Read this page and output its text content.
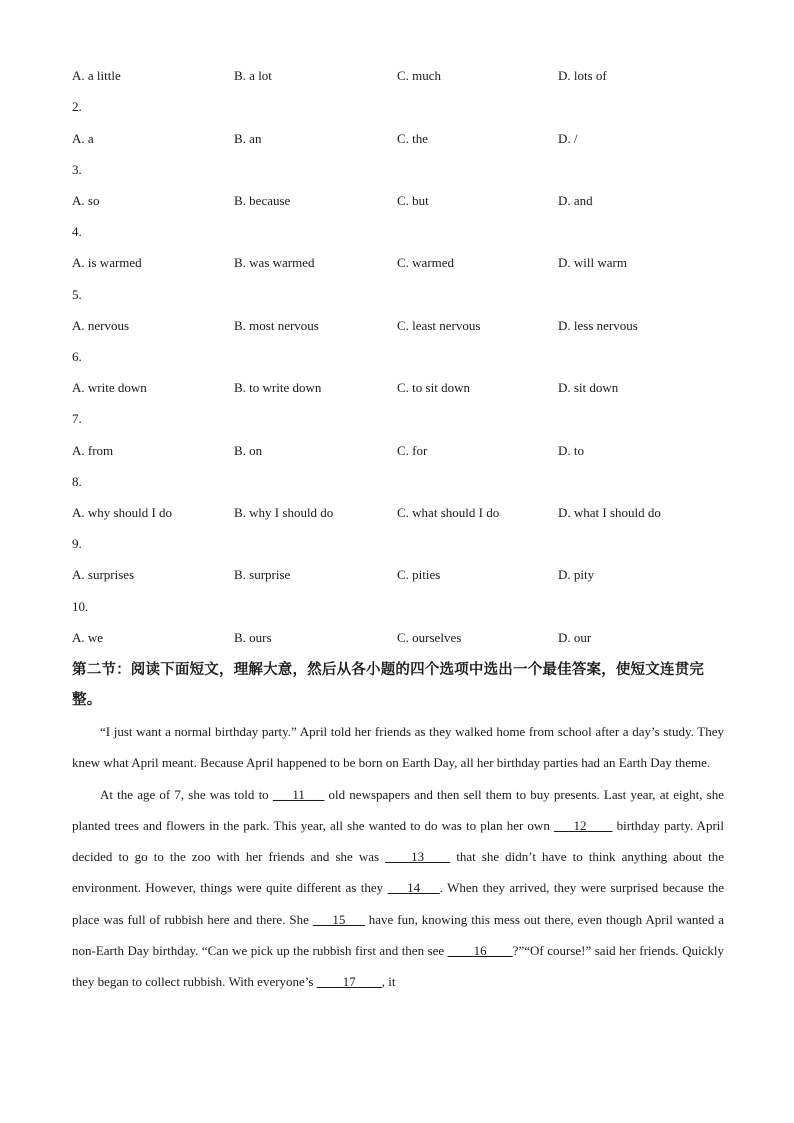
A. a little	B. a lot	C. much	D. lots of
2.
A. a	B. an	C. the	D. /
3.
A. so	B. because	C. but	D. and
4.
A. is warmed	B. was warmed	C. warmed	D. will warm
5.
A. nervous	B. most nervous	C. least nervous	D. less nervous
6.
A. write down	B. to write down	C. to sit down	D. sit down
7.
A. from	B. on	C. for	D. to
8.
A. why should I do	B. why I should do	C. what should I do	D. what I should do
9.
A. surprises	B. surprise	C. pities	D. pity
10.
A. we	B. ours	C. ourselves	D. our
第二节：阅读下面短文，理解大意，然后从各小题的四个选项中选出一个最佳答案，使短文连贯完整。

“I just want a normal birthday party.” April told her friends as they walked home from school after a day’s study. They knew what April meant. Because April happened to be born on Earth Day, all her birthday parties had an Earth Day theme.

At the age of 7, she was told to ___11___ old newspapers and then sell them to buy presents. Last year, at eight, she planted trees and flowers in the park. This year, all she wanted to do was to plan her own ___12____ birthday party. April decided to go to the zoo with her friends and she was ____13____ that she didn’t have to think anything about the environment. However, things were quite different as they ___14___. When they arrived, they were surprised because the place was full of rubbish here and there. She ___15___ have fun, knowing this mess out there, even though April wanted a non-Earth Day birthday. “Can we pick up the rubbish first and then see ____16____?”“Of course!” said her friends. Quickly they began to collect rubbish. With everyone’s ____17____, it
